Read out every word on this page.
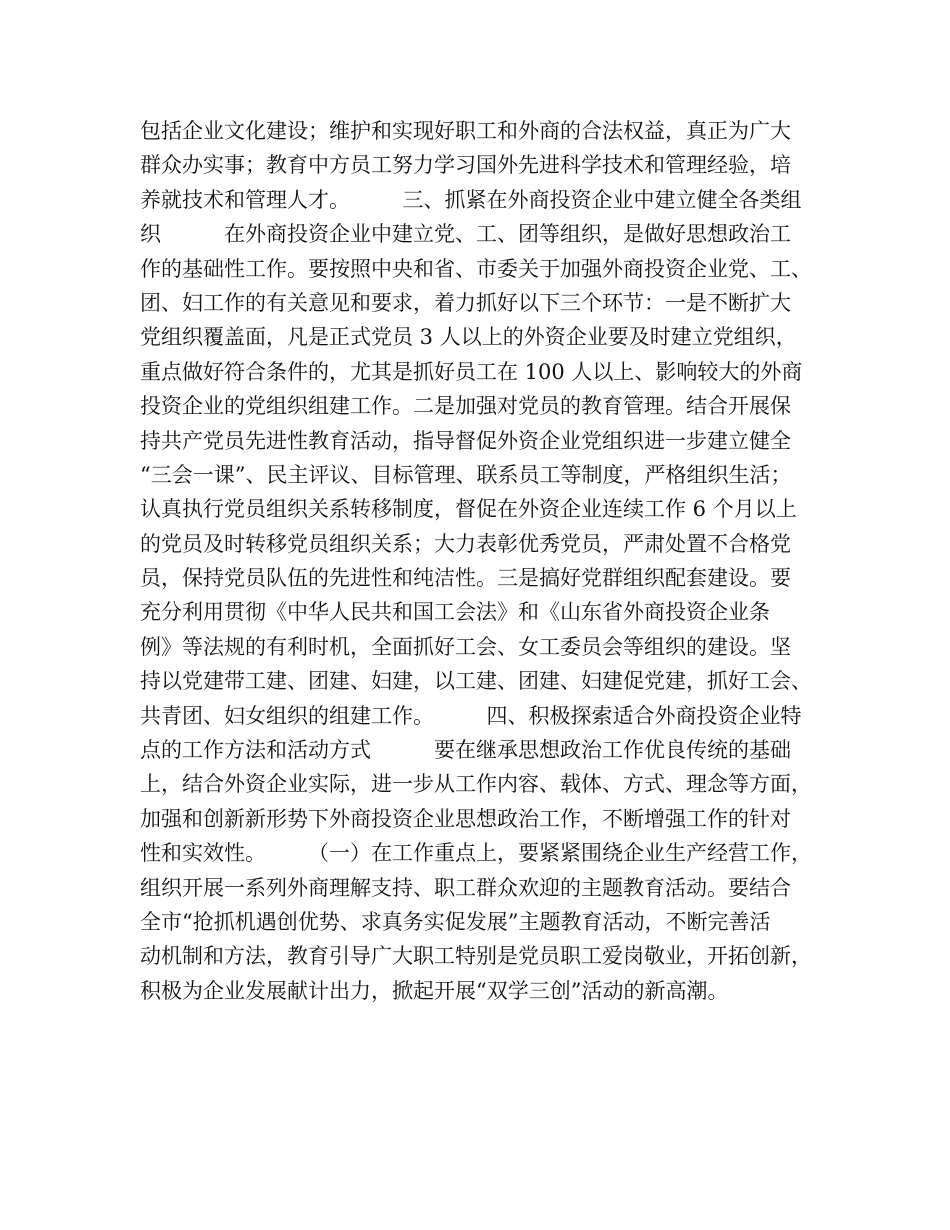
包括企业文化建设；维护和实现好职工和外商的合法权益，真正为广大
群众办实事；教育中方员工努力学习国外先进科学技术和管理经验，培
养就技术和管理人才。　　　三、抓紧在外商投资企业中建立健全各类组
织　　　在外商投资企业中建立党、工、团等组织，是做好思想政治工
作的基础性工作。要按照中央和省、市委关于加强外商投资企业党、工、
团、妇工作的有关意见和要求，着力抓好以下三个环节：一是不断扩大
党组织覆盖面，凡是正式党员 3 人以上的外资企业要及时建立党组织，
重点做好符合条件的，尤其是抓好员工在 100 人以上、影响较大的外商
投资企业的党组织组建工作。二是加强对党员的教育管理。结合开展保
持共产党员先进性教育活动，指导督促外资企业党组织进一步建立健全
“三会一课”、民主评议、目标管理、联系员工等制度，严格组织生活；
认真执行党员组织关系转移制度，督促在外资企业连续工作 6 个月以上
的党员及时转移党员组织关系；大力表彰优秀党员，严肃处置不合格党
员，保持党员队伍的先进性和纯洁性。三是搞好党群组织配套建设。要
充分利用贯彻《中华人民共和国工会法》和《山东省外商投资企业条
例》等法规的有利时机，全面抓好工会、女工委员会等组织的建设。坚
持以党建带工建、团建、妇建，以工建、团建、妇建促党建，抓好工会、
共青团、妇女组织的组建工作。　　　四、积极探索适合外商投资企业特
点的工作方法和活动方式　　　要在继承思想政治工作优良传统的基础
上，结合外资企业实际，进一步从工作内容、载体、方式、理念等方面，
加强和创新新形势下外商投资企业思想政治工作，不断增强工作的针对
性和实效性。　　　（一）在工作重点上，要紧紧围绕企业生产经营工作，
组织开展一系列外商理解支持、职工群众欢迎的主题教育活动。要结合
全市“抢抓机遇创优势、求真务实促发展”主题教育活动，不断完善活
动机制和方法，教育引导广大职工特别是党员职工爱岗敬业，开拓创新，
积极为企业发展献计出力，掀起开展“双学三创”活动的新高潮。
